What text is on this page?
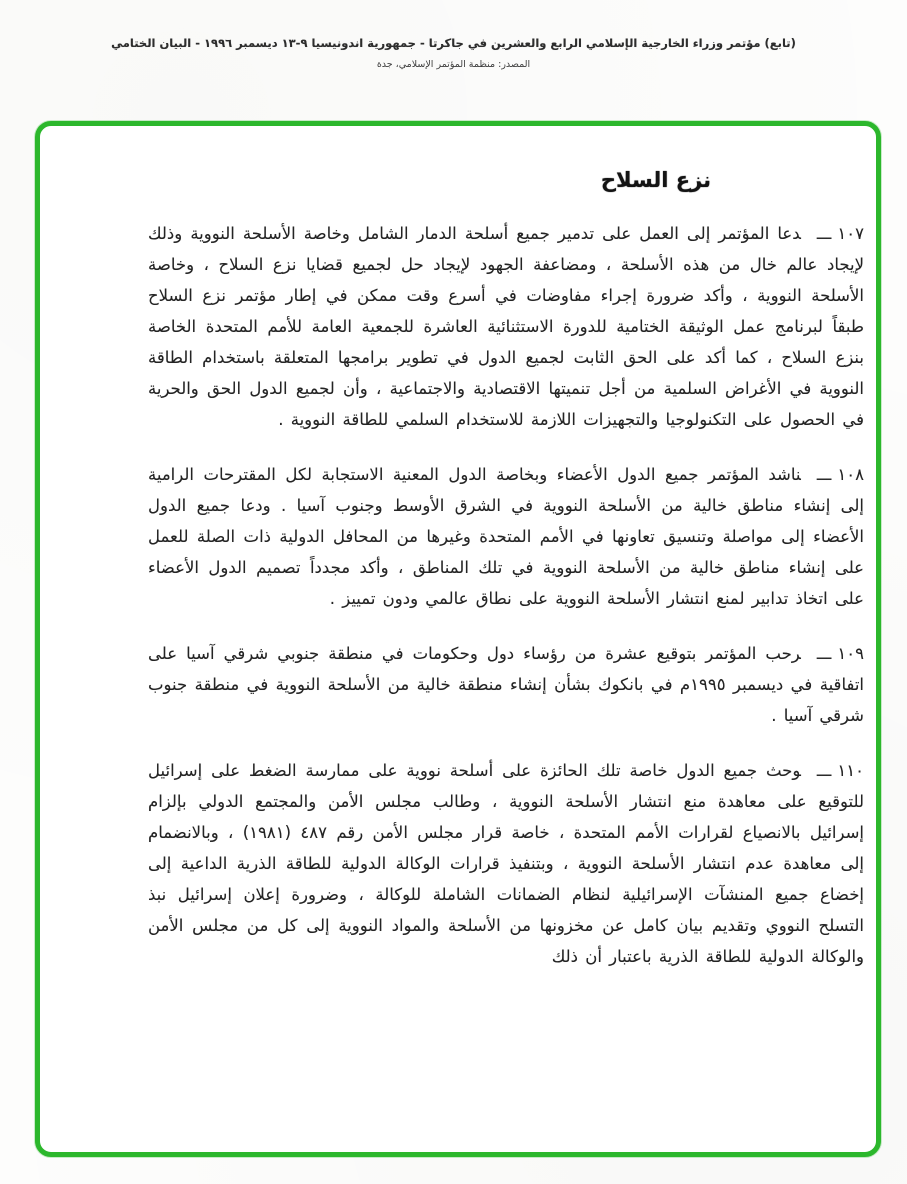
(تابع) مؤتمر وزراء الخارجية الإسلامي الرابع والعشرين في جاكرتا - جمهورية اندونيسيا ٩-١٣ ديسمبر ١٩٩٦ - البيان الختامي
المصدر: منظمة المؤتمر الإسلامي، جدة
نزع السلاح

١٠٧ـــدعا المؤتمر إلى العمل على تدمير جميع أسلحة الدمار الشامل وخاصة الأسلحة النووية وذلك لإيجاد عالم خال من هذه الأسلحة ، ومضاعفة الجهود لإيجاد حل لجميع قضايا نزع السلاح ، وخاصة الأسلحة النووية ، وأكد ضرورة إجراء مفاوضات في أسرع وقت ممكن في إطار مؤتمر نزع السلاح طبقاً لبرنامج عمل الوثيقة الختامية للدورة الاستثنائية العاشرة للجمعية العامة للأمم المتحدة الخاصة بنزع السلاح ، كما أكد على الحق الثابت لجميع الدول في تطوير برامجها المتعلقة باستخدام الطاقة النووية في الأغراض السلمية من أجل تنميتها الاقتصادية والاجتماعية ، وأن لجميع الدول الحق والحرية في الحصول على التكنولوجيا والتجهيزات اللازمة للاستخدام السلمي للطاقة النووية .

١٠٨ـــناشد المؤتمر جميع الدول الأعضاء وبخاصة الدول المعنية الاستجابة لكل المقترحات الرامية إلى إنشاء مناطق خالية من الأسلحة النووية في الشرق الأوسط وجنوب آسيا . ودعا جميع الدول الأعضاء إلى مواصلة وتنسيق تعاونها في الأمم المتحدة وغيرها من المحافل الدولية ذات الصلة للعمل على إنشاء مناطق خالية من الأسلحة النووية في تلك المناطق ، وأكد مجدداً تصميم الدول الأعضاء على اتخاذ تدابير لمنع انتشار الأسلحة النووية على نطاق عالمي ودون تمييز .

١٠٩ـــرحب المؤتمر بتوقيع عشرة من رؤساء دول وحكومات في منطقة جنوبي شرقي آسيا على اتفاقية في ديسمبر ١٩٩٥م في بانكوك بشأن إنشاء منطقة خالية من الأسلحة النووية في منطقة جنوب شرقي آسيا .

١١٠ـــوحث جميع الدول خاصة تلك الحائزة على أسلحة نووية على ممارسة الضغط على إسرائيل للتوقيع على معاهدة منع انتشار الأسلحة النووية ، وطالب مجلس الأمن والمجتمع الدولي بإلزام إسرائيل بالانصياع لقرارات الأمم المتحدة ، خاصة قرار مجلس الأمن رقم ٤٨٧ (١٩٨١) ، وبالانضمام إلى معاهدة عدم انتشار الأسلحة النووية ، وبتنفيذ قرارات الوكالة الدولية للطاقة الذرية الداعية إلى إخضاع جميع المنشآت الإسرائيلية لنظام الضمانات الشاملة للوكالة ، وضرورة إعلان إسرائيل نبذ التسلح النووي وتقديم بيان كامل عن مخزونها من الأسلحة والمواد النووية إلى كل من مجلس الأمن والوكالة الدولية للطاقة الذرية باعتبار أن ذلك
